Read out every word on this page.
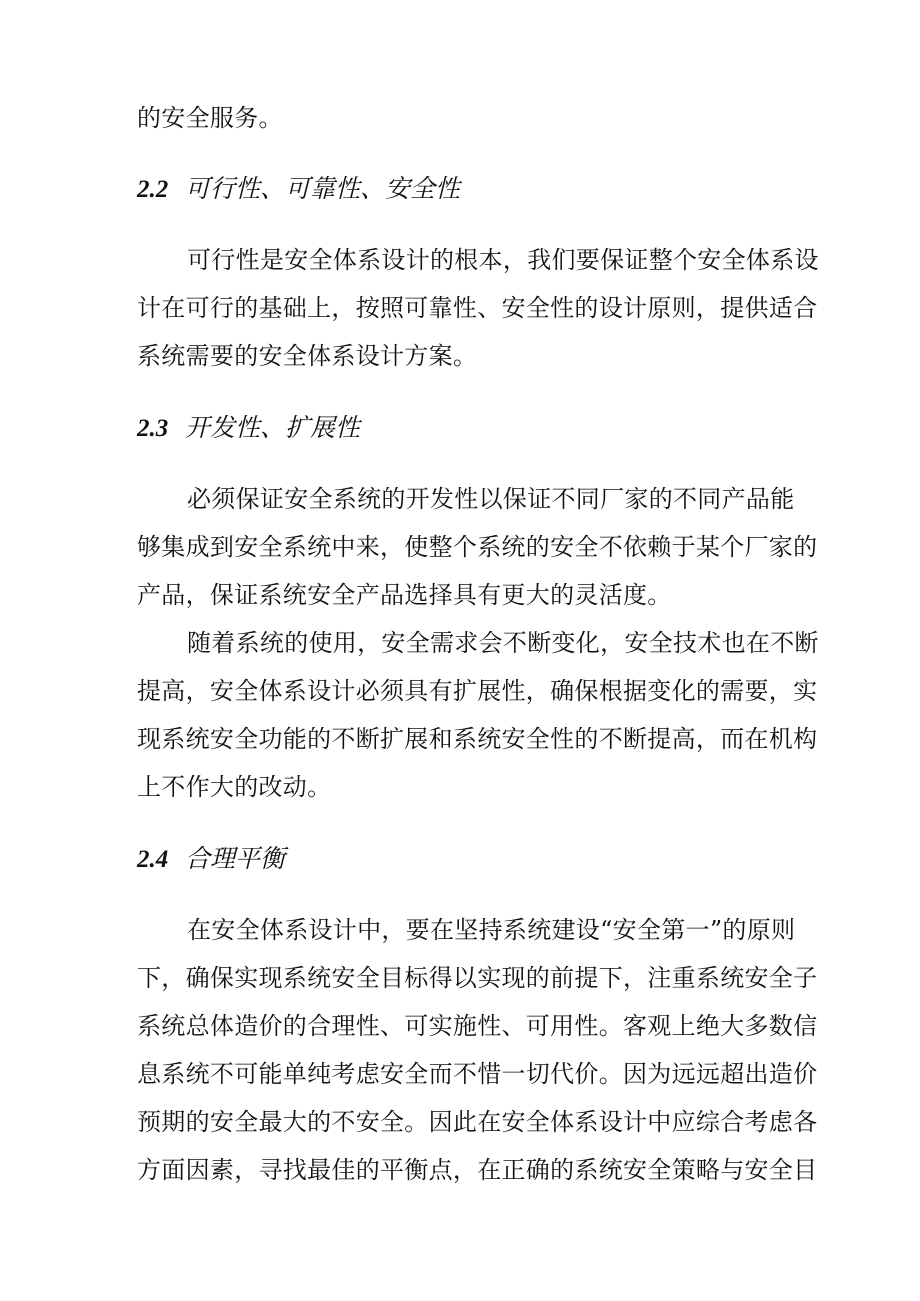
的安全服务。
2.2 可行性、可靠性、安全性
可行性是安全体系设计的根本，我们要保证整个安全体系设
计在可行的基础上，按照可靠性、安全性的设计原则，提供适合
系统需要的安全体系设计方案。
2.3 开发性、扩展性
必须保证安全系统的开发性以保证不同厂家的不同产品能
够集成到安全系统中来，使整个系统的安全不依赖于某个厂家的
产品，保证系统安全产品选择具有更大的灵活度。
随着系统的使用，安全需求会不断变化，安全技术也在不断
提高，安全体系设计必须具有扩展性，确保根据变化的需要，实
现系统安全功能的不断扩展和系统安全性的不断提高，而在机构
上不作大的改动。
2.4 合理平衡
在安全体系设计中，要在坚持系统建设“安全第一”的原则
下，确保实现系统安全目标得以实现的前提下，注重系统安全子
系统总体造价的合理性、可实施性、可用性。客观上绝大多数信
息系统不可能单纯考虑安全而不惜一切代价。因为远远超出造价
预期的安全最大的不安全。因此在安全体系设计中应综合考虑各
方面因素，寻找最佳的平衡点，在正确的系统安全策略与安全目
